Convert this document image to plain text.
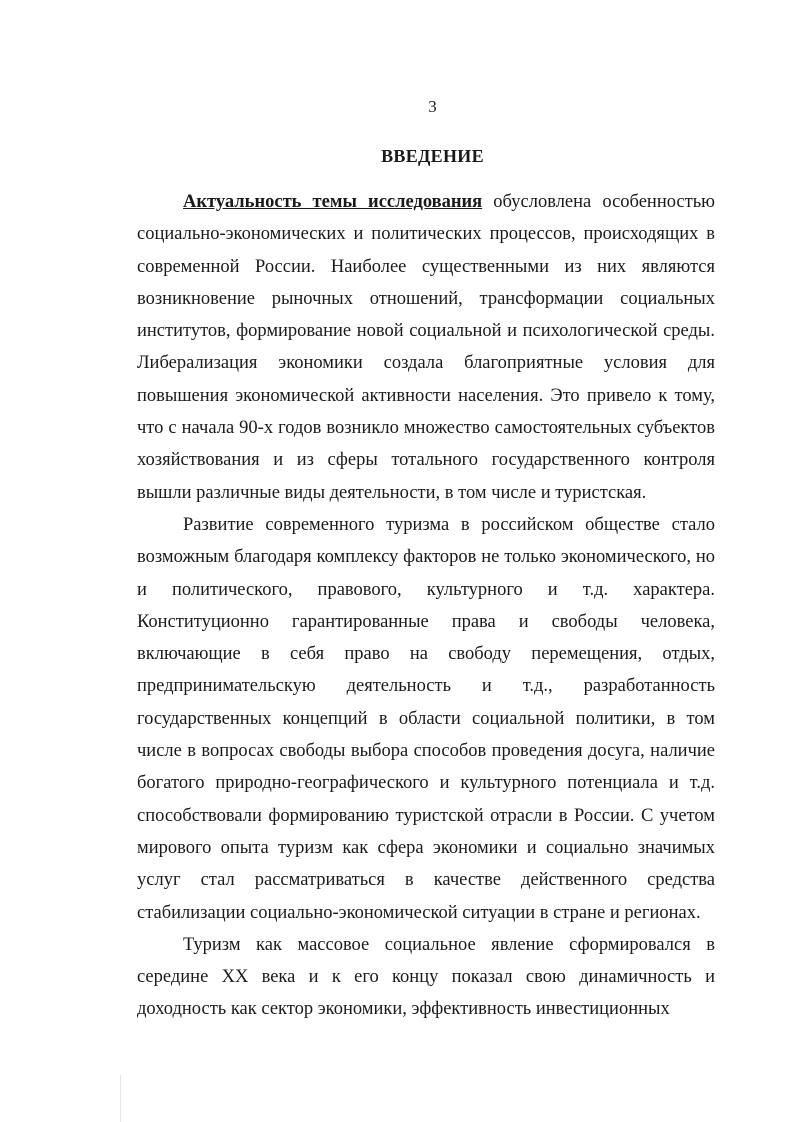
3
ВВЕДЕНИЕ

Актуальность темы исследования обусловлена особенностью социально-экономических и политических процессов, происходящих в современной России. Наиболее существенными из них являются возникновение рыночных отношений, трансформации социальных институтов, формирование новой социальной и психологической среды. Либерализация экономики создала благоприятные условия для повышения экономической активности населения. Это привело к тому, что с начала 90-х годов возникло множество самостоятельных субъектов хозяйствования и из сферы тотального государственного контроля вышли различные виды деятельности, в том числе и туристская.

Развитие современного туризма в российском обществе стало возможным благодаря комплексу факторов не только экономического, но и политического, правового, культурного и т.д. характера. Конституционно гарантированные права и свободы человека, включающие в себя право на свободу перемещения, отдых, предпринимательскую деятельность и т.д., разработанность государственных концепций в области социальной политики, в том числе в вопросах свободы выбора способов проведения досуга, наличие богатого природно-географического и культурного потенциала и т.д. способствовали формированию туристской отрасли в России. С учетом мирового опыта туризм как сфера экономики и социально значимых услуг стал рассматриваться в качестве действенного средства стабилизации социально-экономической ситуации в стране и регионах.

Туризм как массовое социальное явление сформировался в середине XX века и к его концу показал свою динамичность и доходность как сектор экономики, эффективность инвестиционных
